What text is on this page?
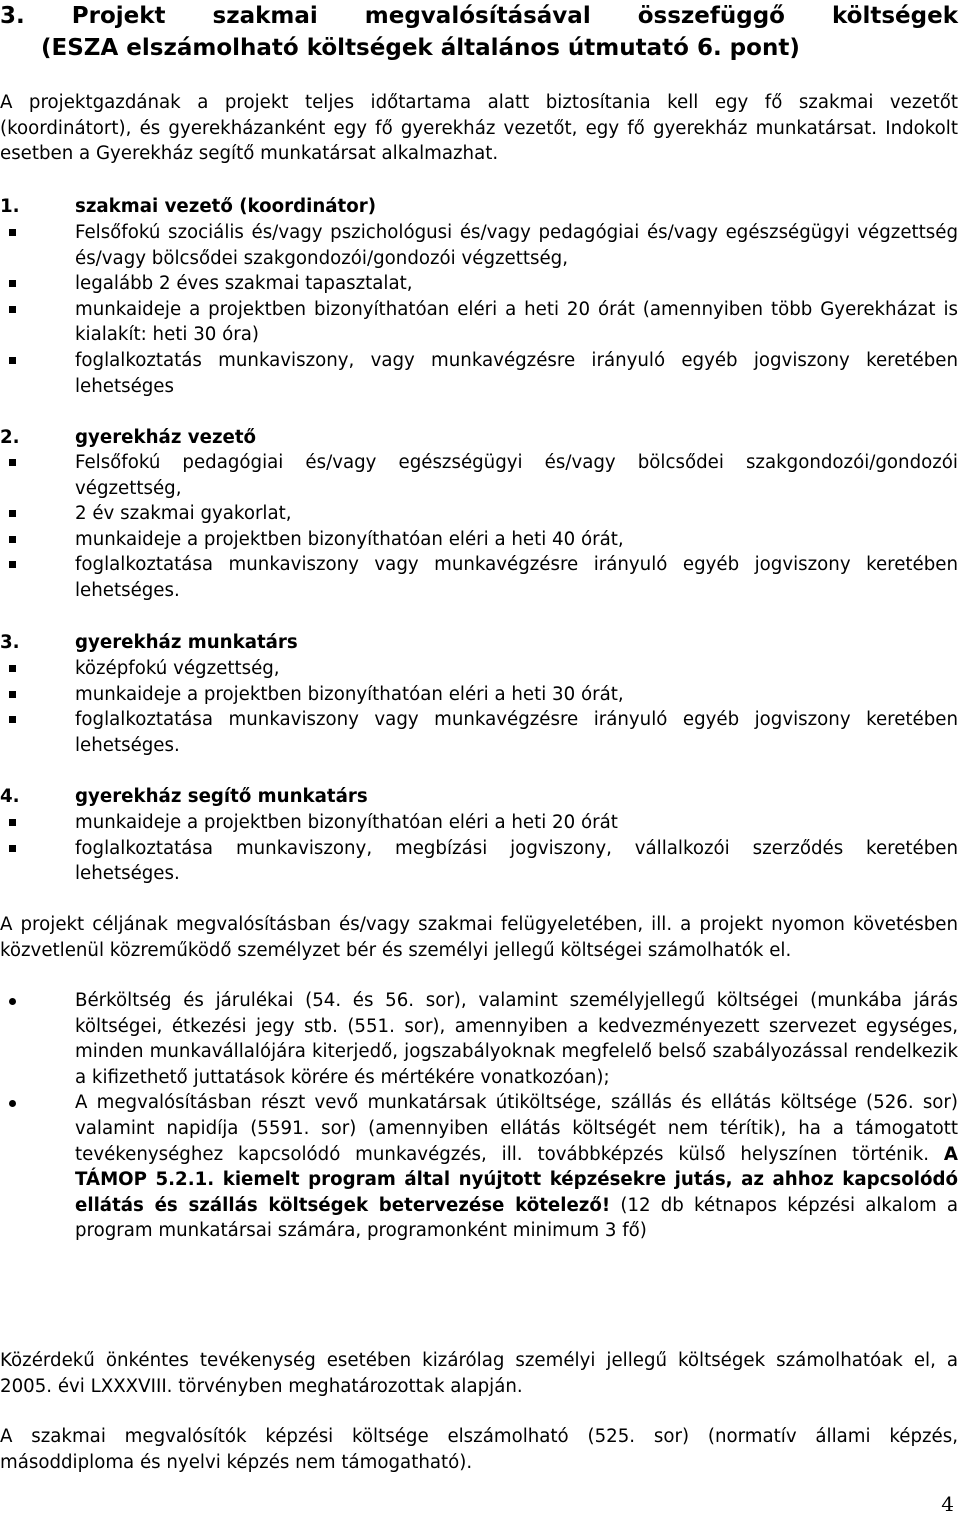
3. Projekt szakmai megvalósításával összefüggő költségek
(ESZA elszámolható költségek általános útmutató 6. pont)
A projektgazdának a projekt teljes időtartama alatt biztosítania kell egy fő szakmai vezetőt (koordinátort), és gyerekházanként egy fő gyerekház vezetőt, egy fő gyerekház munkatársat. Indokolt esetben a Gyerekház segítő munkatársat alkalmazhat.
1.	szakmai vezető (koordinátor)
Felsőfokú szociális és/vagy pszichológusi és/vagy pedagógiai és/vagy egészségügyi végzettség és/vagy bölcsődei szakgondozói/gondozói végzettség,
legalább 2 éves szakmai tapasztalat,
munkaideje a projektben bizonyíthatóan eléri a heti 20 órát (amennyiben több Gyerekházat is kialakít: heti 30 óra)
foglalkoztatás munkaviszony, vagy munkavégzésre irányuló egyéb jogviszony keretében lehetséges
2.	gyerekház vezető
Felsőfokú pedagógiai és/vagy egészségügyi és/vagy bölcsődei szakgondozói/gondozói végzettség,
2 év szakmai gyakorlat,
munkaideje a projektben bizonyíthatóan eléri a heti 40 órát,
foglalkoztatása munkaviszony vagy munkavégzésre irányuló egyéb jogviszony keretében lehetséges.
3.	gyerekház munkatárs
középfokú végzettség,
munkaideje a projektben bizonyíthatóan eléri a heti 30 órát,
foglalkoztatása munkaviszony vagy munkavégzésre irányuló egyéb jogviszony keretében lehetséges.
4.	gyerekház segítő munkatárs
munkaideje a projektben bizonyíthatóan eléri a heti 20 órát
foglalkoztatása munkaviszony, megbízási jogviszony, vállalkozói szerződés keretében lehetséges.
A projekt céljának megvalósításban és/vagy szakmai felügyeletében, ill. a projekt nyomon követésben közvetlenül közreműködő személyzet bér és személyi jellegű költségei számolhatók el.
Bérköltség és járulékai (54. és 56. sor), valamint személyjellegű költségei (munkába járás költségei, étkezési jegy stb. (551. sor), amennyiben a kedvezményezett szervezet egységes, minden munkavállalójára kiterjedő, jogszabályoknak megfelelő belső szabályozással rendelkezik a kifizethető juttatások körére és mértékére vonatkozóan);
A megvalósításban részt vevő munkatársak útiköltsége, szállás és ellátás költsége (526. sor) valamint napidíja (5591. sor) (amennyiben ellátás költségét nem térítik), ha a támogatott tevékenységhez kapcsolódó munkavégzés, ill. továbbképzés külső helyszínen történik. A TÁMOP 5.2.1. kiemelt program által nyújtott képzésekre jutás, az ahhoz kapcsolódó ellátás és szállás költségek betervezése kötelező! (12 db kétnapos képzési alkalom a program munkatársai számára, programonként minimum 3 fő)
Közérdekű önkéntes tevékenység esetében kizárólag személyi jellegű költségek számolhatóak el, a 2005. évi LXXXVIII. törvényben meghatározottak alapján.
A szakmai megvalósítók képzési költsége elszámolható (525. sor) (normatív állami képzés, másoddiploma és nyelvi képzés nem támogatható).
4
